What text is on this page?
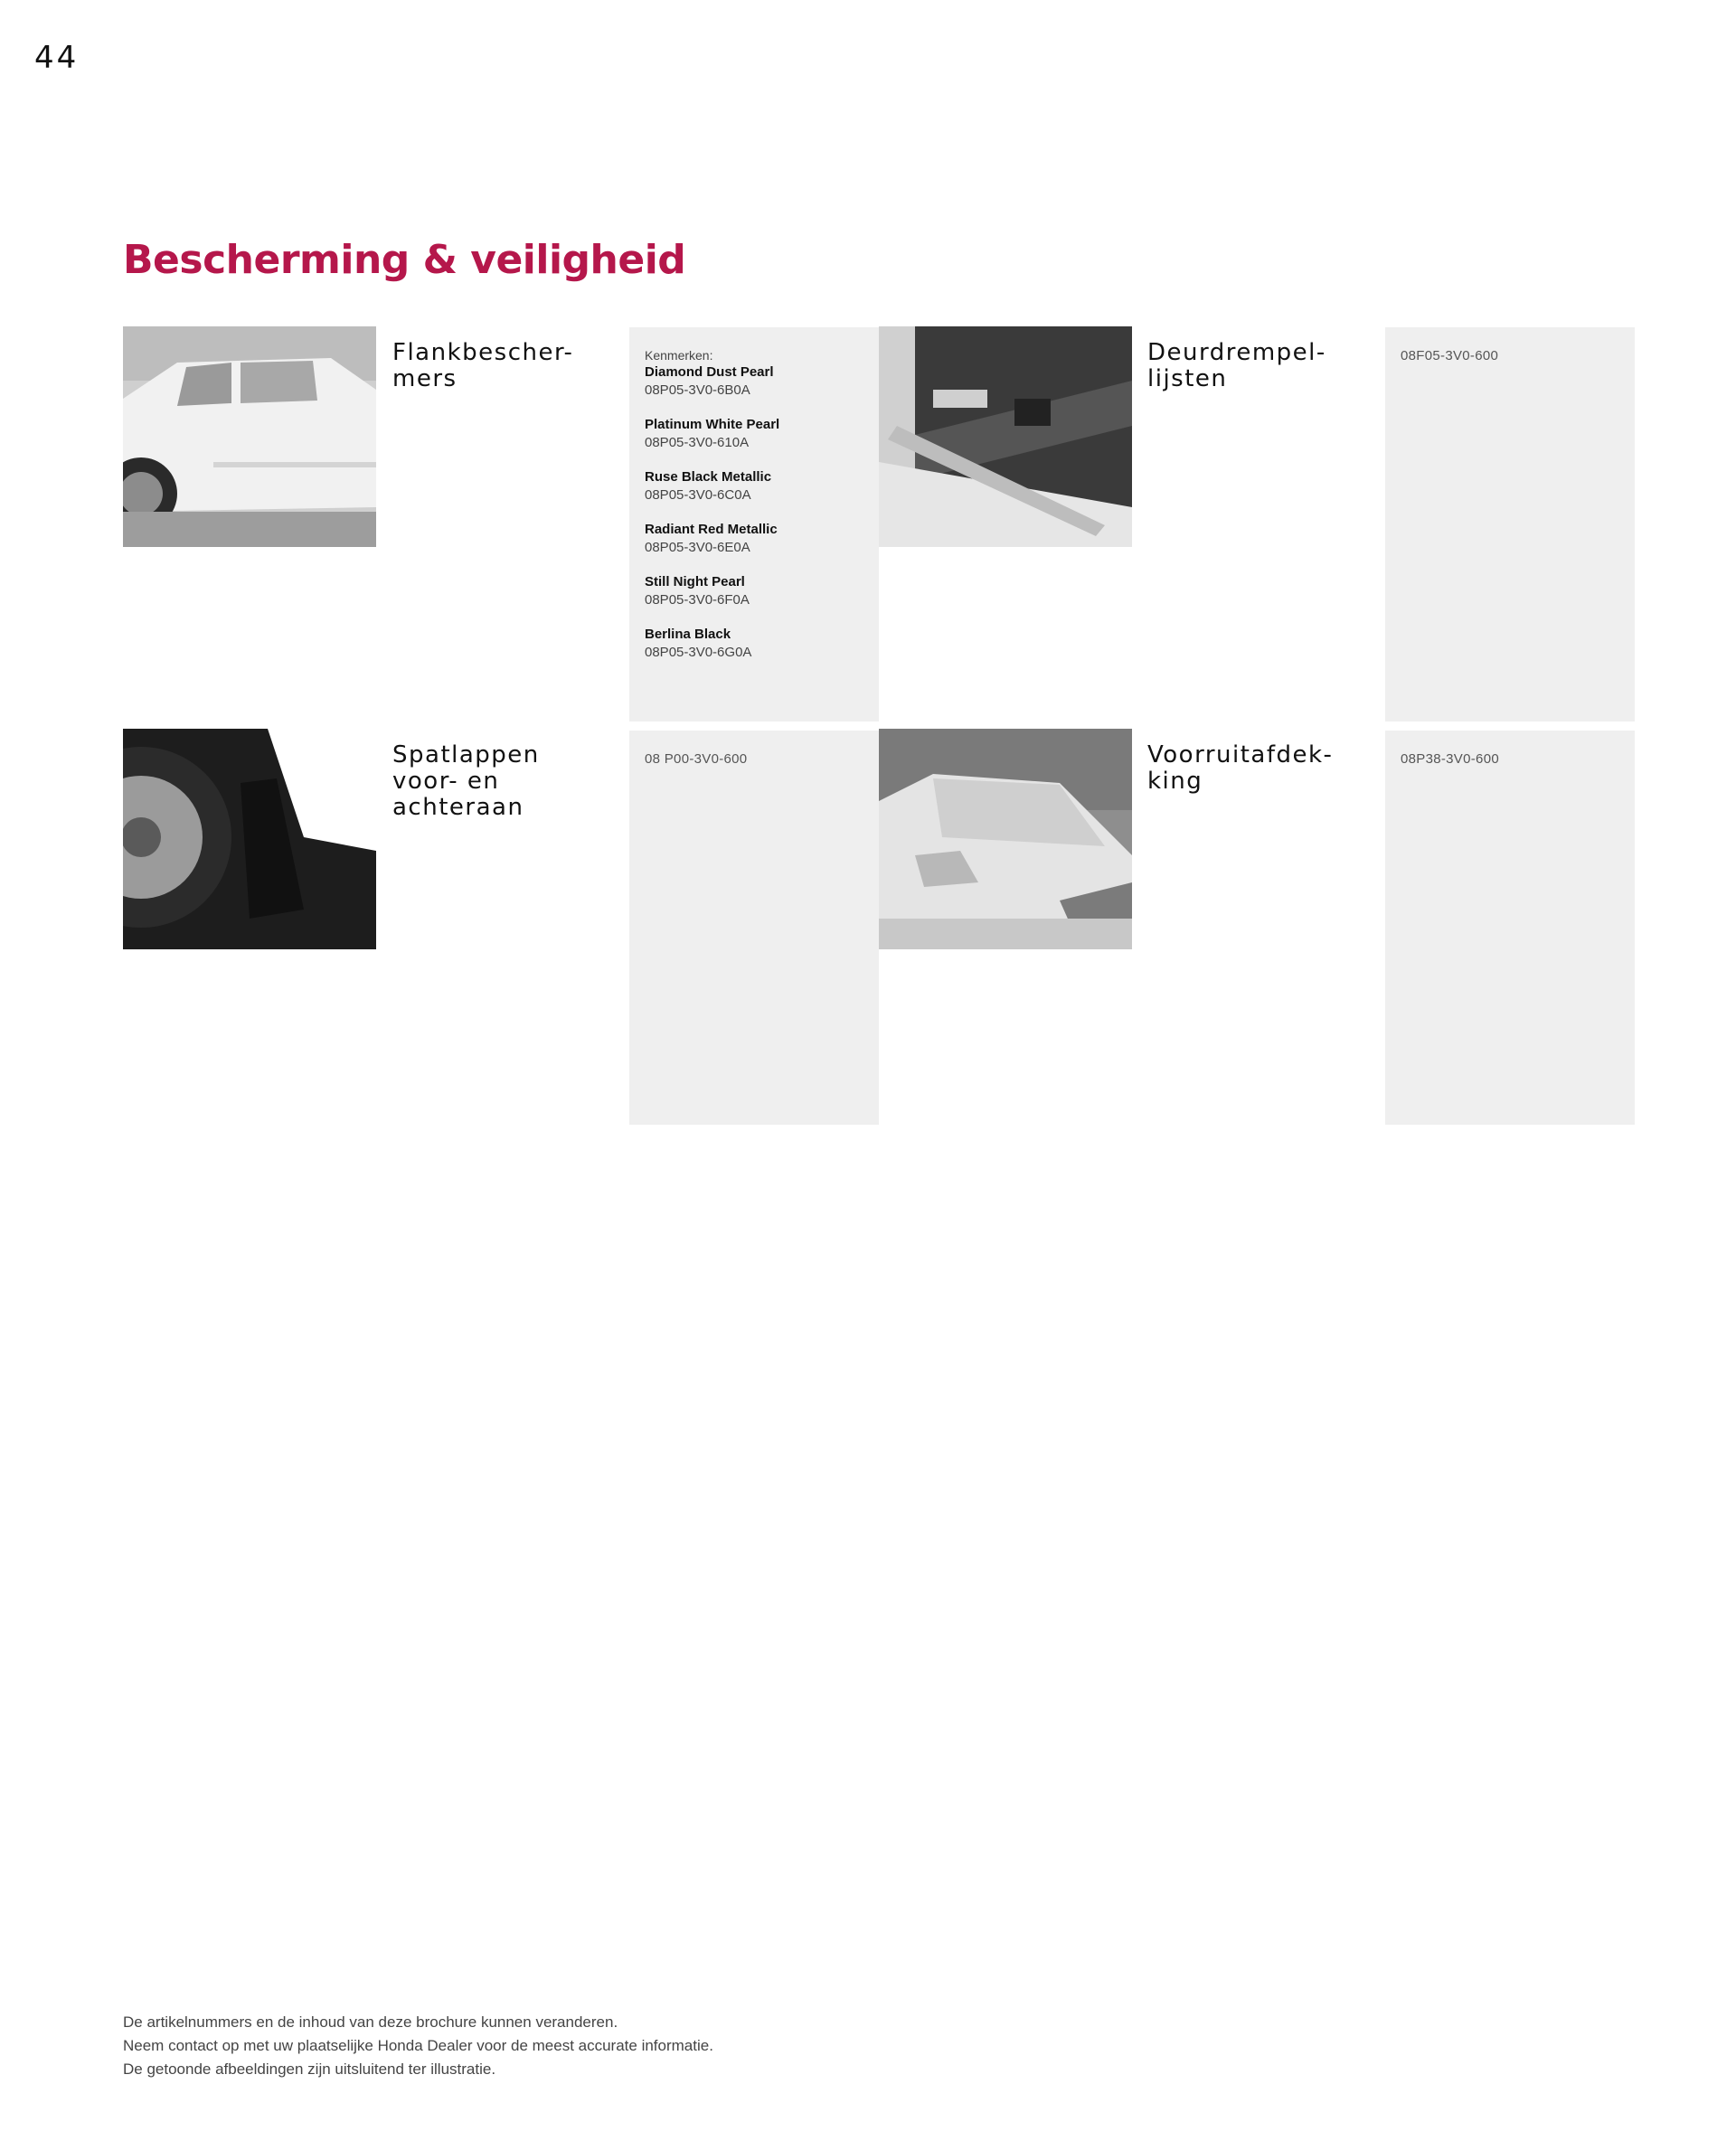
44
Bescherming & veiligheid
Flankbescher-
mers
Kenmerken:
Diamond Dust Pearl
08P05-3V0-6B0A
Platinum White Pearl
08P05-3V0-610A
Ruse Black Metallic
08P05-3V0-6C0A
Radiant Red Metallic
08P05-3V0-6E0A
Still Night Pearl
08P05-3V0-6F0A
Berlina Black
08P05-3V0-6G0A
Deurdrempel-
lijsten
08F05-3V0-600
Spatlappen
voor- en
achteraan
08 P00-3V0-600	Voorruitafdek-
king
08P38-3V0-600
De artikelnummers en de inhoud van deze brochure kunnen veranderen.
Neem contact op met uw plaatselijke Honda Dealer voor de meest accurate informatie.
De getoonde afbeeldingen zijn uitsluitend ter illustratie.
